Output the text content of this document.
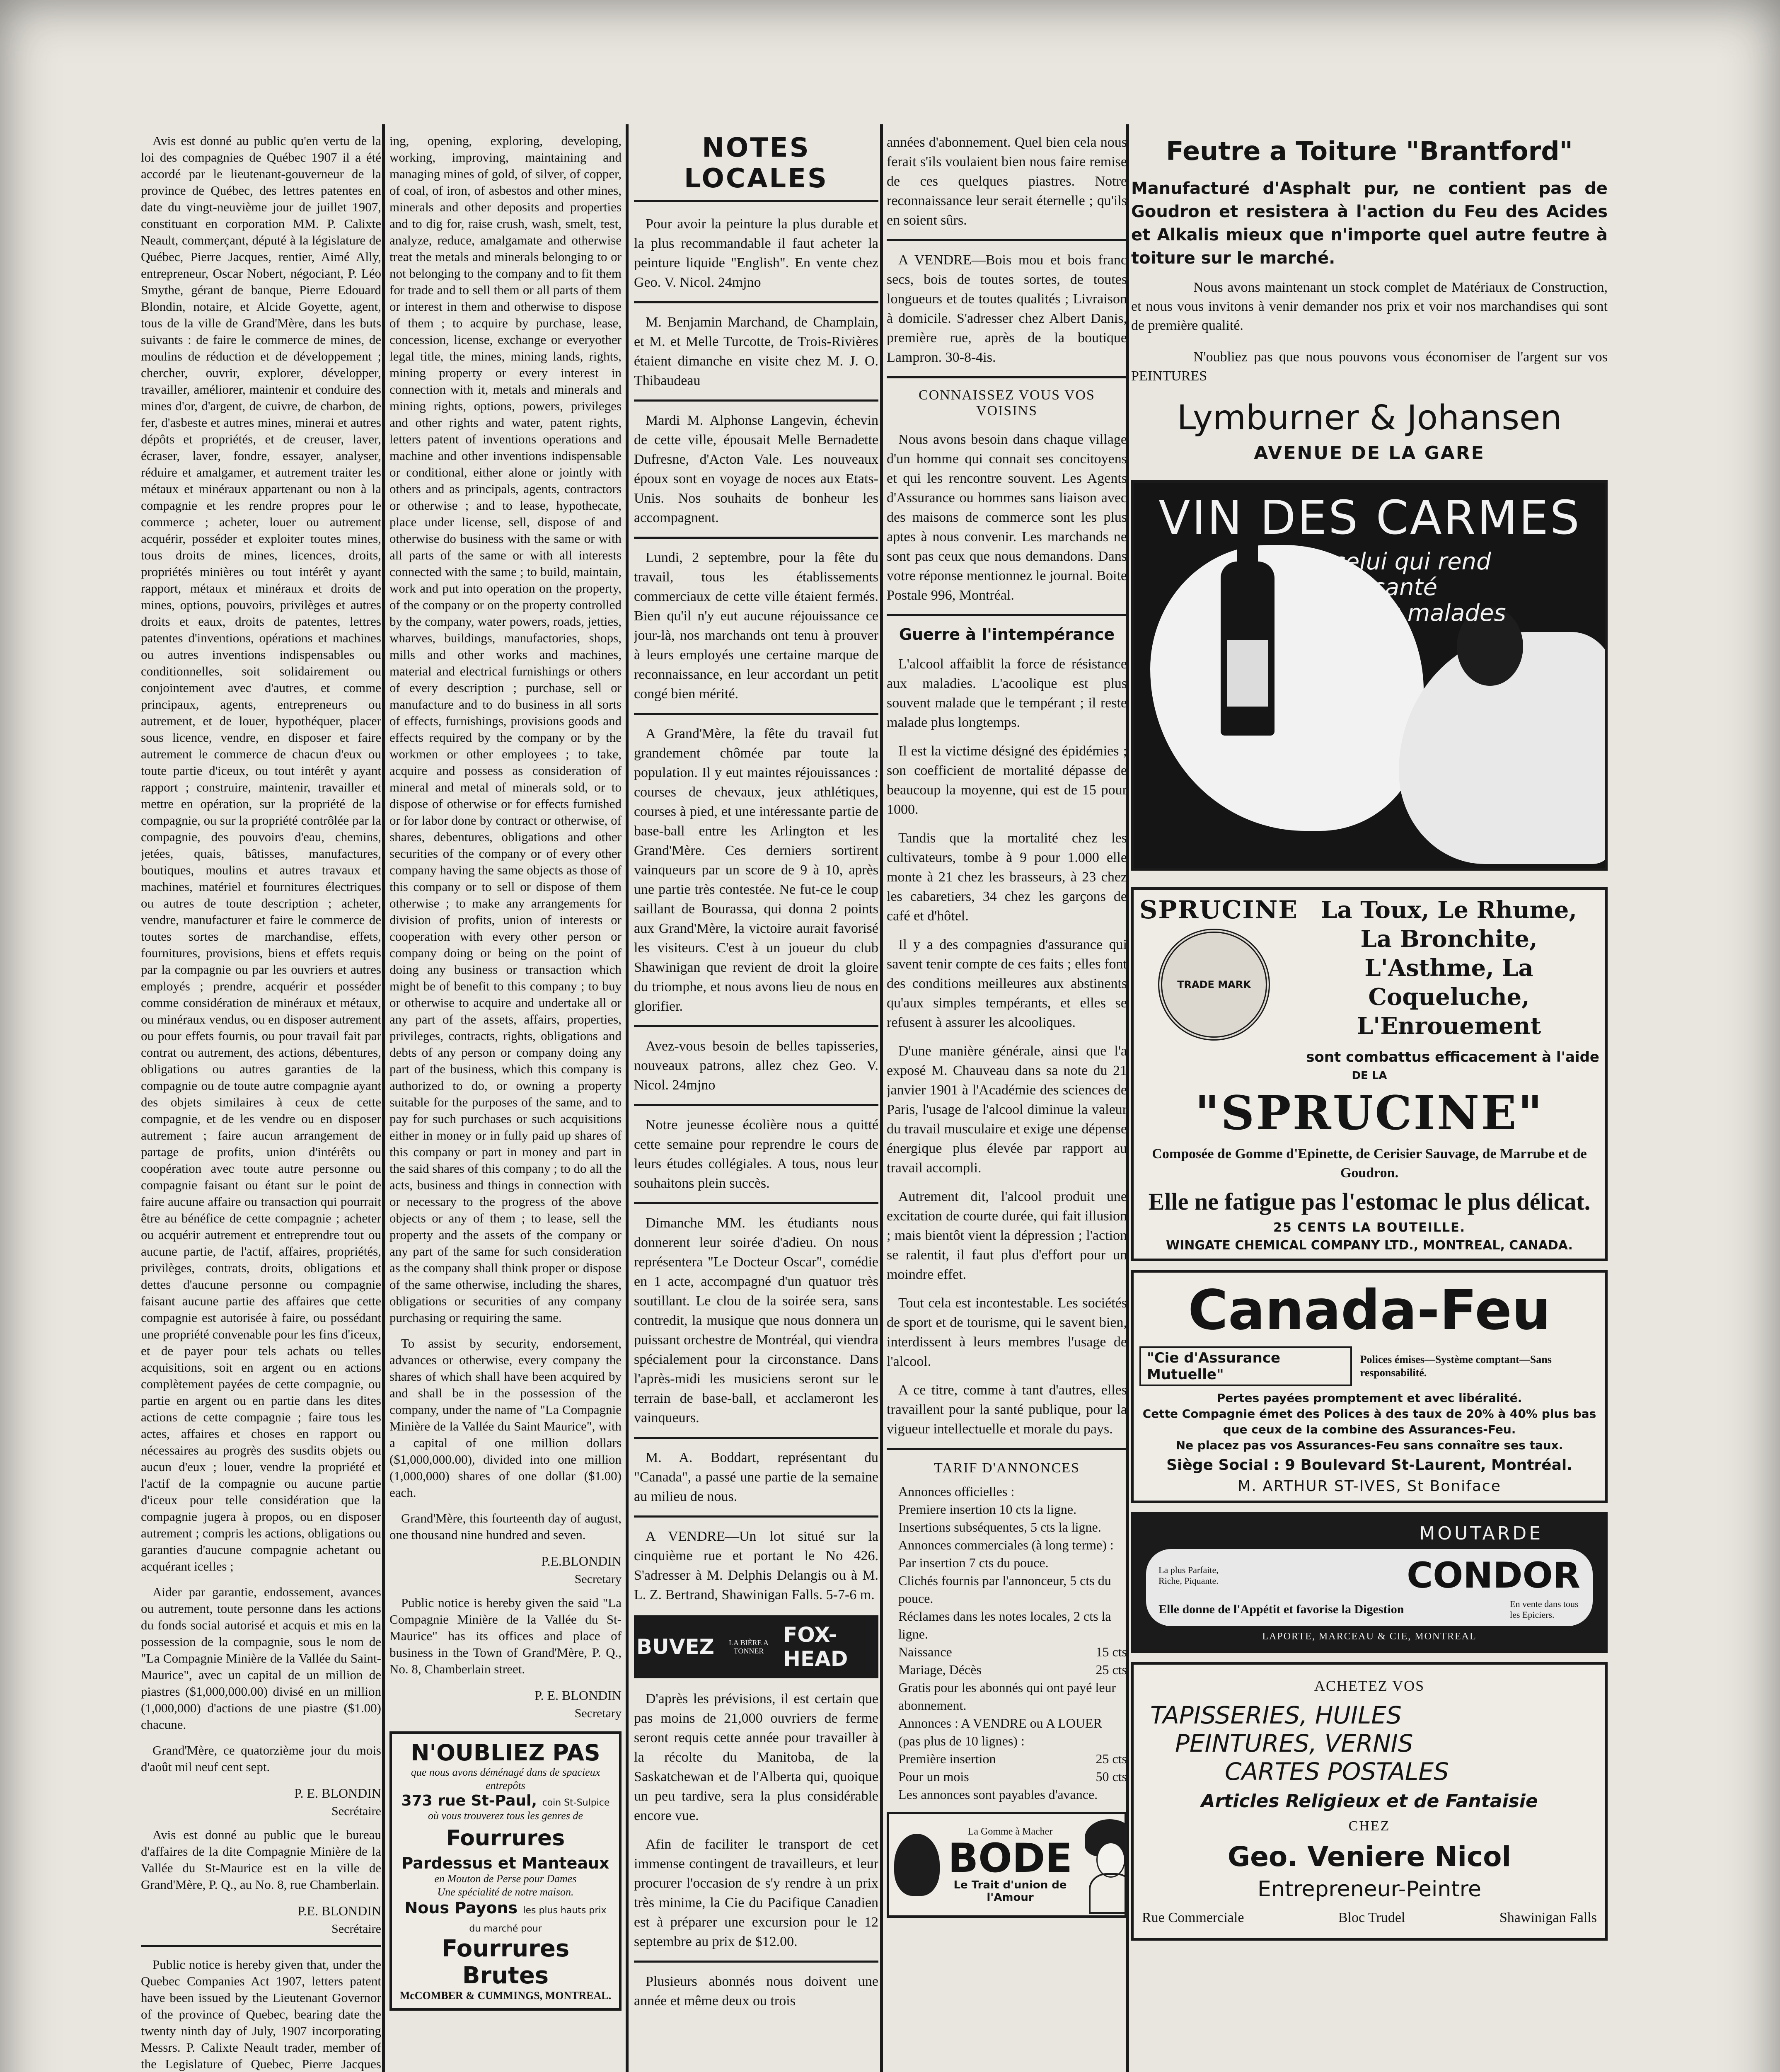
Avis est donné au public qu'en vertu de la loi des compagnies de Québec 1907 il a été accordé par le lieutenant-gouverneur de la province de Québec, des lettres patentes en date du vingt-neuvième jour de juillet 1907, constituant en corporation MM. P. Calixte Neault, commerçant, député à la législature de Québec, Pierre Jacques, rentier, Aimé Ally, entrepreneur, Oscar Nobert, négociant, P. Léo Smythe, gérant de banque, Pierre Edouard Blondin, notaire, et Alcide Goyette, agent, tous de la ville de Grand'Mère, dans les buts suivants : de faire le commerce de mines, de moulins de réduction et de développement ; chercher, ouvrir, explorer, développer, travailler, améliorer, maintenir et conduire des mines d'or, d'argent, de cuivre, de charbon, de fer, d'asbeste et autres mines, minerai et autres dépôts et propriétés, et de creuser, laver, écraser, laver, fondre, essayer, analyser, réduire et amalgamer, et autrement traiter les métaux et minéraux appartenant ou non à la compagnie et les rendre propres pour le commerce ; acheter, louer ou autrement acquérir, posséder et exploiter toutes mines, tous droits de mines, licences, droits, propriétés minières ou tout intérêt y ayant rapport, métaux et minéraux et droits de mines, options, pouvoirs, privilèges et autres droits et eaux, droits de patentes, lettres patentes d'inventions, opérations et machines ou autres inventions indispensables ou conditionnelles, soit solidairement ou conjointement avec d'autres, et comme principaux, agents, entrepreneurs ou autrement, et de louer, hypothéquer, placer sous licence, vendre, en disposer et faire autrement le commerce de chacun d'eux ou toute partie d'iceux, ou tout intérêt y ayant rapport ; construire, maintenir, travailler et mettre en opération, sur la propriété de la compagnie, ou sur la propriété contrôlée par la compagnie, des pouvoirs d'eau, chemins, jetées, quais, bâtisses, manufactures, boutiques, moulins et autres travaux et machines, matériel et fournitures électriques ou autres de toute description ; acheter, vendre, manufacturer et faire le commerce de toutes sortes de marchandise, effets, fournitures, provisions, biens et effets requis par la compagnie ou par les ouvriers et autres employés ; prendre, acquérir et posséder comme considération de minéraux et métaux, ou minéraux vendus, ou en disposer autrement ou pour effets fournis, ou pour travail fait par contrat ou autrement, des actions, débentures, obligations ou autres garanties de la compagnie ou de toute autre compagnie ayant des objets similaires à ceux de cette compagnie, et de les vendre ou en disposer autrement ; faire aucun arrangement de partage de profits, union d'intérêts ou coopération avec toute autre personne ou compagnie faisant ou étant sur le point de faire aucune affaire ou transaction qui pourrait être au bénéfice de cette compagnie ; acheter ou acquérir autrement et entreprendre tout ou aucune partie, de l'actif, affaires, propriétés, privilèges, contrats, droits, obligations et dettes d'aucune personne ou compagnie faisant aucune partie des affaires que cette compagnie est autorisée à faire, ou possédant une propriété convenable pour les fins d'iceux, et de payer pour tels achats ou telles acquisitions, soit en argent ou en actions complètement payées de cette compagnie, ou partie en argent ou en partie dans les dites actions de cette compagnie ; faire tous les actes, affaires et choses en rapport ou nécessaires au progrès des susdits objets ou aucun d'eux ; louer, vendre la propriété et l'actif de la compagnie ou aucune partie d'iceux pour telle considération que la compagnie jugera à propos, ou en disposer autrement ; compris les actions, obligations ou garanties d'aucune compagnie achetant ou acquérant icelles ;

Aider par garantie, endossement, avances ou autrement, toute personne dans les actions du fonds social autorisé et acquis et mis en la possession de la compagnie, sous le nom de "La Compagnie Minière de la Vallée du Saint-Maurice", avec un capital de un million de piastres ($1,000,000.00) divisé en un million (1,000,000) d'actions de une piastre ($1.00) chacune.

Grand'Mère, ce quatorzième jour du mois d'août mil neuf cent sept.

P. E. BLONDIN
Secrétaire

Avis est donné au public que le bureau d'affaires de la dite Compagnie Minière de la Vallée du St-Maurice est en la ville de Grand'Mère, P. Q., au No. 8, rue Chamberlain.

P.E. BLONDIN
Secrétaire

Public notice is hereby given that, under the Quebec Companies Act 1907, letters patent have been issued by the Lieutenant Governor of the province of Quebec, bearing date the twenty ninth day of July, 1907 incorporating Messrs. P. Calixte Neault trader, member of the Legislature of Quebec, Pierre Jacques

ing, opening, exploring, developing, working, improving, maintaining and managing mines of gold, of silver, of copper, of coal, of iron, of asbestos and other mines, minerals and other deposits and properties and to dig for, raise crush, wash, smelt, test, analyze, reduce, amalgamate and otherwise treat the metals and minerals belonging to or not belonging to the company and to fit them for trade and to sell them or all parts of them or interest in them and otherwise to dispose of them ; to acquire by purchase, lease, concession, license, exchange or everyother legal title, the mines, mining lands, rights, mining property or every interest in connection with it, metals and minerals and mining rights, options, powers, privileges and other rights and water, patent rights, letters patent of inventions operations and machine and other inventions indispensable or conditional, either alone or jointly with others and as principals, agents, contractors or otherwise ; and to lease, hypothecate, place under license, sell, dispose of and otherwise do business with the same or with all parts of the same or with all interests connected with the same ; to build, maintain, work and put into operation on the property, of the company or on the property controlled by the company, water powers, roads, jetties, wharves, buildings, manufactories, shops, mills and other works and machines, material and electrical furnishings or others of every description ; purchase, sell or manufacture and to do business in all sorts of effects, furnishings, provisions goods and effects required by the company or by the workmen or other employees ; to take, acquire and possess as consideration of mineral and metal of minerals sold, or to dispose of otherwise or for effects furnished or for labor done by contract or otherwise, of shares, debentures, obligations and other securities of the company or of every other company having the same objects as those of this company or to sell or dispose of them otherwise ; to make any arrangements for division of profits, union of interests or cooperation with every other person or company doing or being on the point of doing any business or transaction which might be of benefit to this company ; to buy or otherwise to acquire and undertake all or any part of the assets, affairs, properties, privileges, contracts, rights, obligations and debts of any person or company doing any part of the business, which this company is authorized to do, or owning a property suitable for the purposes of the same, and to pay for such purchases or such acquisitions either in money or in fully paid up shares of this company or part in money and part in the said shares of this company ; to do all the acts, business and things in connection with or necessary to the progress of the above objects or any of them ; to lease, sell the property and the assets of the company or any part of the same for such consideration as the company shall think proper or dispose of the same otherwise, including the shares, obligations or securities of any company purchasing or requiring the same.

To assist by security, endorsement, advances or otherwise, every company the shares of which shall have been acquired by and shall be in the possession of the company, under the name of "La Compagnie Minière de la Vallée du Saint Maurice", with a capital of one million dollars ($1,000,000.00), divided into one million (1,000,000) shares of one dollar ($1.00) each.

Grand'Mère, this fourteenth day of august, one thousand nine hundred and seven.

P.E.BLONDIN
Secretary

Public notice is hereby given the said "La Compagnie Minière de la Vallée du St-Maurice" has its offices and place of business in the Town of Grand'Mère, P. Q., No. 8, Chamberlain street.

P. E. BLONDIN
Secretary
N'OUBLIEZ PAS
que nous avons déménagé dans de spacieux entrepôts
373 rue St-Paul, coin St-Sulpice
où vous trouverez tous les genres de
Fourrures
Pardessus et Manteaux
en Mouton de Perse pour Dames
Une spécialité de notre maison.
Nous Payons les plus hauts prix du marché pour
Fourrures Brutes
McCOMBER & CUMMINGS, MONTREAL.
NOTES LOCALES

Pour avoir la peinture la plus durable et la plus recommandable il faut acheter la peinture liquide "English". En vente chez Geo. V. Nicol. 24mjno

M. Benjamin Marchand, de Champlain, et M. et Melle Turcotte, de Trois-Rivières étaient dimanche en visite chez M. J. O. Thibaudeau

Mardi M. Alphonse Langevin, échevin de cette ville, épousait Melle Bernadette Dufresne, d'Acton Vale. Les nouveaux époux sont en voyage de noces aux Etats-Unis. Nos souhaits de bonheur les accompagnent.

Lundi, 2 septembre, pour la fête du travail, tous les établissements commerciaux de cette ville étaient fermés. Bien qu'il n'y eut aucune réjouissance ce jour-là, nos marchands ont tenu à prouver à leurs employés une certaine marque de reconnaissance, en leur accordant un petit congé bien mérité.

A Grand'Mère, la fête du travail fut grandement chômée par toute la population. Il y eut maintes réjouissances : courses de chevaux, jeux athlétiques, courses à pied, et une intéressante partie de base-ball entre les Arlington et les Grand'Mère. Ces derniers sortirent vainqueurs par un score de 9 à 10, après une partie très contestée. Ne fut-ce le coup saillant de Bourassa, qui donna 2 points aux Grand'Mère, la victoire aurait favorisé les visiteurs. C'est à un joueur du club Shawinigan que revient de droit la gloire du triomphe, et nous avons lieu de nous en glorifier.

Avez-vous besoin de belles tapisseries, nouveaux patrons, allez chez Geo. V. Nicol. 24mjno

Notre jeunesse écolière nous a quitté cette semaine pour reprendre le cours de leurs études collégiales. A tous, nous leur souhaitons plein succès.

Dimanche MM. les étudiants nous donnerent leur soirée d'adieu. On nous représentera "Le Docteur Oscar", comédie en 1 acte, accompagné d'un quatuor très soutillant. Le clou de la soirée sera, sans contredit, la musique que nous donnera un puissant orchestre de Montréal, qui viendra spécialement pour la circonstance. Dans l'après-midi les musiciens seront sur le terrain de base-ball, et acclameront les vainqueurs.

M. A. Boddart, représentant du "Canada", a passé une partie de la semaine au milieu de nous.

A VENDRE—Un lot situé sur la cinquième rue et portant le No 426. S'adresser à M. Delphis Delangis ou à M. L. Z. Bertrand, Shawinigan Falls. 5-7-6 m.

BUVEZ	LA BIÈRE A TONNER
FOX-HEAD

D'après les prévisions, il est certain que pas moins de 21,000 ouvriers de ferme seront requis cette année pour travailler à la récolte du Manitoba, de la Saskatchewan et de l'Alberta qui, quoique un peu tardive, sera la plus considérable encore vue.

Afin de faciliter le transport de cet immense contingent de travailleurs, et leur procurer l'occasion de s'y rendre à un prix très minime, la Cie du Pacifique Canadien est à préparer une excursion pour le 12 septembre au prix de $12.00.

Plusieurs abonnés nous doivent une année et même deux ou trois

années d'abonnement. Quel bien cela nous ferait s'ils voulaient bien nous faire remise de ces quelques piastres. Notre reconnaissance leur serait éternelle ; qu'ils en soient sûrs.

A VENDRE—Bois mou et bois franc secs, bois de toutes sortes, de toutes longueurs et de toutes qualités ; Livraison à domicile. S'adresser chez Albert Danis, première rue, après de la boutique Lampron. 30-8-4is.

CONNAISSEZ VOUS VOS VOISINS

Nous avons besoin dans chaque village d'un homme qui connait ses concitoyens et qui les rencontre souvent. Les Agents d'Assurance ou hommes sans liaison avec des maisons de commerce sont les plus aptes à nous convenir. Les marchands ne sont pas ceux que nous demandons. Dans votre réponse mentionnez le journal. Boite Postale 996, Montréal.

Guerre à l'intempérance

L'alcool affaiblit la force de résistance aux maladies. L'acoolique est plus souvent malade que le tempérant ; il reste malade plus longtemps.

Il est la victime désigné des épidémies ; son coefficient de mortalité dépasse de beaucoup la moyenne, qui est de 15 pour 1000.

Tandis que la mortalité chez les cultivateurs, tombe à 9 pour 1.000 elle monte à 21 chez les brasseurs, à 23 chez les cabaretiers, 34 chez les garçons de café et d'hôtel.

Il y a des compagnies d'assurance qui savent tenir compte de ces faits ; elles font des conditions meilleures aux abstinents qu'aux simples tempérants, et elles se refusent à assurer les alcooliques.

D'une manière générale, ainsi que l'a exposé M. Chauveau dans sa note du 21 janvier 1901 à l'Académie des sciences de Paris, l'usage de l'alcool diminue la valeur du travail musculaire et exige une dépense énergique plus élevée par rapport au travail accompli.

Autrement dit, l'alcool produit une excitation de courte durée, qui fait illusion ; mais bientôt vient la dépression ; l'action se ralentit, il faut plus d'effort pour un moindre effet.

Tout cela est incontestable. Les sociétés de sport et de tourisme, qui le savent bien, interdissent à leurs membres l'usage de l'alcool.

A ce titre, comme à tant d'autres, elles travaillent pour la santé publique, pour la vigueur intellectuelle et morale du pays.

TARIF D'ANNONCES
Annonces officielles :
Premiere insertion 10 cts la ligne.
Insertions subséquentes, 5 cts la ligne.
Annonces commerciales (à long terme) :
Par insertion 7 cts du pouce.
Clichés fournis par l'annonceur, 5 cts du pouce.
Réclames dans les notes locales, 2 cts la ligne.
Naissance	15 cts
Mariage, Décès	25 cts
Gratis pour les abonnés qui ont payé leur abonnement.
Annonces : A VENDRE ou A LOUER (pas plus de 10 lignes) :
Première insertion	25 cts
Pour un mois	50 cts
Les annonces sont payables d'avance.
La Gomme à Macher
BODE
Le Trait d'union de l'Amour
Feutre a Toiture "Brantford"
Manufacturé d'Asphalt pur, ne contient pas de Goudron et resistera à l'action du Feu des Acides et Alkalis mieux que n'importe quel autre feutre à toiture sur le marché.
Nous avons maintenant un stock complet de Matériaux de Construction, et nous vous invitons à venir demander nos prix et voir nos marchandises qui sont de première qualité.
N'oubliez pas que nous pouvons vous économiser de l'argent sur vos PEINTURES
Lymburner & Johansen
AVENUE DE LA GARE
VIN DES CARMES
celui qui rend
la santé
aux malades
SPRUCINE
TRADE MARK
La Toux, Le Rhume,
La Bronchite,
L'Asthme, La Coqueluche,
L'Enrouement
sont combattus efficacement à l'aide
DE LA
"SPRUCINE"
Composée de Gomme d'Epinette, de Cerisier Sauvage, de Marrube et de Goudron.
Elle ne fatigue pas l'estomac le plus délicat.
25 CENTS LA BOUTEILLE.
WINGATE CHEMICAL COMPANY LTD., MONTREAL, CANADA.
Canada-Feu
"Cie d'Assurance Mutuelle"
Polices émises—Système comptant—Sans responsabilité.
Pertes payées promptement et avec libéralité.
Cette Compagnie émet des Polices à des taux de 20% à 40% plus bas que ceux de la combine des Assurances-Feu.
Ne placez pas vos Assurances-Feu sans connaître ses taux.
Siège Social : 9 Boulevard St-Laurent, Montréal.
M. ARTHUR ST-IVES, St Boniface
MOUTARDE
La plus Parfaite, Riche, Piquante.	CONDOR
Elle donne de l'Appétit et favorise la Digestion	En vente dans tous les Epiciers.
LAPORTE, MARCEAU & CIE, MONTREAL
ACHETEZ VOS
TAPISSERIES, HUILES
PEINTURES, VERNIS
CARTES POSTALES
Articles Religieux et de Fantaisie
CHEZ
Geo. Veniere Nicol
Entrepreneur-Peintre
Rue Commerciale	Bloc Trudel	Shawinigan Falls
